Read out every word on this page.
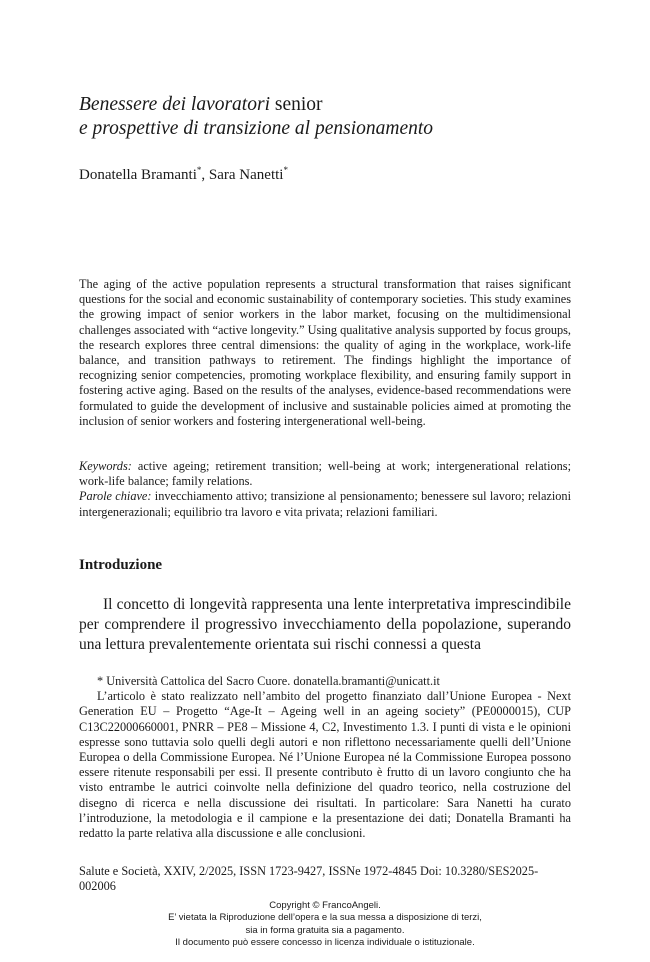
Benessere dei lavoratori senior
e prospettive di transizione al pensionamento
Donatella Bramanti*, Sara Nanetti*
The aging of the active population represents a structural transformation that raises significant questions for the social and economic sustainability of contemporary societies. This study examines the growing impact of senior workers in the labor market, focusing on the multidimensional challenges associated with “active longevity.” Using qualitative analysis supported by focus groups, the research explores three central dimensions: the quality of aging in the workplace, work-life balance, and transition pathways to retirement. The findings highlight the importance of recognizing senior competencies, promoting workplace flexibility, and ensuring family support in fostering active aging. Based on the results of the analyses, evidence-based recommendations were formulated to guide the development of inclusive and sustainable policies aimed at promoting the inclusion of senior workers and fostering intergenerational well-being.

Keywords: active ageing; retirement transition; well-being at work; intergenerational relations; work-life balance; family relations.

Parole chiave: invecchiamento attivo; transizione al pensionamento; benessere sul lavoro; relazioni intergenerazionali; equilibrio tra lavoro e vita privata; relazioni familiari.

Introduzione

Il concetto di longevità rappresenta una lente interpretativa imprescindibile per comprendere il progressivo invecchiamento della popolazione, superando una lettura prevalentemente orientata sui rischi connessi a questa

* Università Cattolica del Sacro Cuore. donatella.bramanti@unicatt.it

L’articolo è stato realizzato nell’ambito del progetto finanziato dall’Unione Europea - Next Generation EU – Progetto “Age-It – Ageing well in an ageing society” (PE0000015), CUP C13C22000660001, PNRR – PE8 – Missione 4, C2, Investimento 1.3. I punti di vista e le opinioni espresse sono tuttavia solo quelli degli autori e non riflettono necessariamente quelli dell’Unione Europea o della Commissione Europea. Né l’Unione Europea né la Commissione Europea possono essere ritenute responsabili per essi. Il presente contributo è frutto di un lavoro congiunto che ha visto entrambe le autrici coinvolte nella definizione del quadro teorico, nella costruzione del disegno di ricerca e nella discussione dei risultati. In particolare: Sara Nanetti ha curato l’introduzione, la metodologia e il campione e la presentazione dei dati; Donatella Bramanti ha redatto la parte relativa alla discussione e alle conclusioni.

Salute e Società, XXIV, 2/2025, ISSN 1723-9427, ISSNe 1972-4845 Doi: 10.3280/SES2025-002006
Copyright © FrancoAngeli.
E’ vietata la Riproduzione dell’opera e la sua messa a disposizione di terzi,
sia in forma gratuita sia a pagamento.
Il documento può essere concesso in licenza individuale o istituzionale.
